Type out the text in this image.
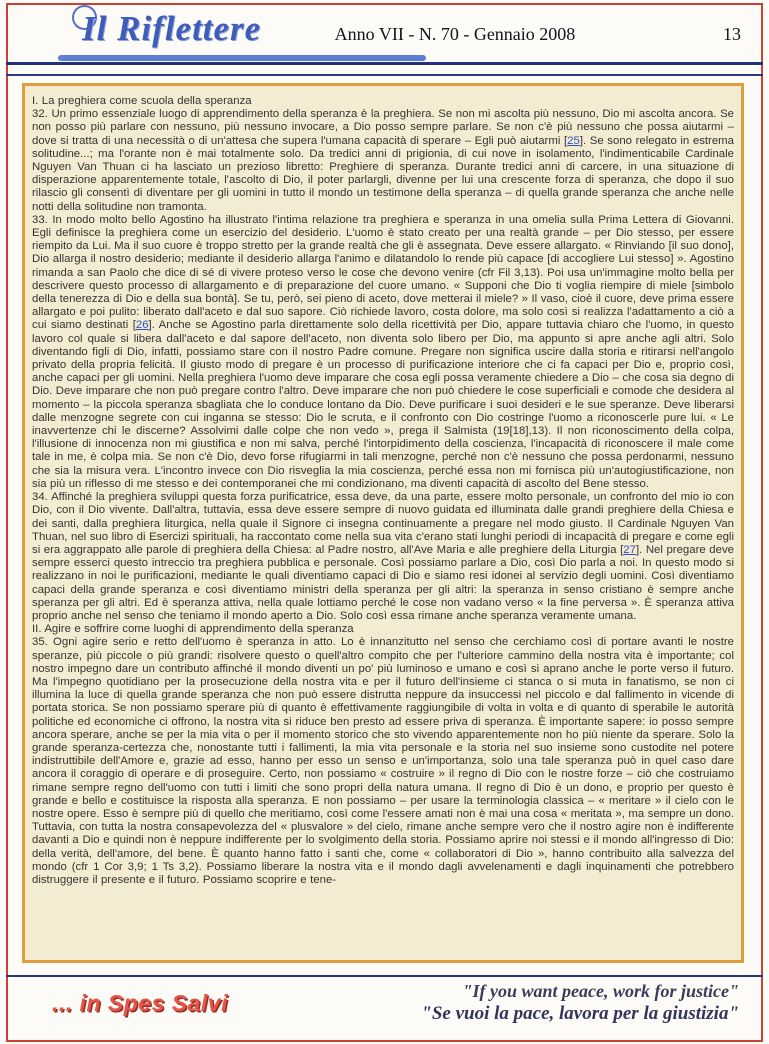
Il Riflettere	Anno VII - N. 70 - Gennaio 2008	13

I. La preghiera come scuola della speranza

32. Un primo essenziale luogo di apprendimento della speranza è la preghiera. Se non mi ascolta più nessuno, Dio mi ascolta ancora. Se non posso più parlare con nessuno, più nessuno invocare, a Dio posso sempre parlare. Se non c'è più nessuno che possa aiutarmi – dove si tratta di una necessità o di un'attesa che supera l'umana capacità di sperare – Egli può aiutarmi [25]. Se sono relegato in estrema solitudine...; ma l'orante non è mai totalmente solo. Da tredici anni di prigionia, di cui nove in isolamento, l'indimenticabile Cardinale Nguyen Van Thuan ci ha lasciato un prezioso libretto: Preghiere di speranza. Durante tredici anni di carcere, in una situazione di disperazione apparentemente totale, l'ascolto di Dio, il poter parlargli, divenne per lui una crescente forza di speranza, che dopo il suo rilascio gli consentì di diventare per gli uomini in tutto il mondo un testimone della speranza – di quella grande speranza che anche nelle notti della solitudine non tramonta.

33. In modo molto bello Agostino ha illustrato l'intima relazione tra preghiera e speranza in una omelia sulla Prima Lettera di Giovanni. Egli definisce la preghiera come un esercizio del desiderio. L'uomo è stato creato per una realtà grande – per Dio stesso, per essere riempito da Lui. Ma il suo cuore è troppo stretto per la grande realtà che gli è assegnata. Deve essere allargato. « Rinviando [il suo dono], Dio allarga il nostro desiderio; mediante il desiderio allarga l'animo e dilatandolo lo rende più capace [di accogliere Lui stesso] ». Agostino rimanda a san Paolo che dice di sé di vivere proteso verso le cose che devono venire (cfr Fil 3,13). Poi usa un'immagine molto bella per descrivere questo processo di allargamento e di preparazione del cuore umano. « Supponi che Dio ti voglia riempire di miele [simbolo della tenerezza di Dio e della sua bontà]. Se tu, però, sei pieno di aceto, dove metterai il miele? » Il vaso, cioè il cuore, deve prima essere allargato e poi pulito: liberato dall'aceto e dal suo sapore. Ciò richiede lavoro, costa dolore, ma solo così si realizza l'adattamento a ciò a cui siamo destinati [26]. Anche se Agostino parla direttamente solo della ricettività per Dio, appare tuttavia chiaro che l'uomo, in questo lavoro col quale si libera dall'aceto e dal sapore dell'aceto, non diventa solo libero per Dio, ma appunto si apre anche agli altri. Solo diventando figli di Dio, infatti, possiamo stare con il nostro Padre comune. Pregare non significa uscire dalla storia e ritirarsi nell'angolo privato della propria felicità. Il giusto modo di pregare è un processo di purificazione interiore che ci fa capaci per Dio e, proprio così, anche capaci per gli uomini. Nella preghiera l'uomo deve imparare che cosa egli possa veramente chiedere a Dio – che cosa sia degno di Dio. Deve imparare che non può pregare contro l'altro. Deve imparare che non può chiedere le cose superficiali e comode che desidera al momento – la piccola speranza sbagliata che lo conduce lontano da Dio. Deve purificare i suoi desideri e le sue speranze. Deve liberarsi dalle menzogne segrete con cui inganna se stesso: Dio le scruta, e il confronto con Dio costringe l'uomo a riconoscerle pure lui. « Le inavvertenze chi le discerne? Assolvimi dalle colpe che non vedo », prega il Salmista (19[18],13). Il non riconoscimento della colpa, l'illusione di innocenza non mi giustifica e non mi salva, perché l'intorpidimento della coscienza, l'incapacità di riconoscere il male come tale in me, è colpa mia. Se non c'è Dio, devo forse rifugiarmi in tali menzogne, perché non c'è nessuno che possa perdonarmi, nessuno che sia la misura vera. L'incontro invece con Dio risveglia la mia coscienza, perché essa non mi fornisca più un'autogiustificazione, non sia più un riflesso di me stesso e dei contemporanei che mi condizionano, ma diventi capacità di ascolto del Bene stesso.

34. Affinché la preghiera sviluppi questa forza purificatrice, essa deve, da una parte, essere molto personale, un confronto del mio io con Dio, con il Dio vivente. Dall'altra, tuttavia, essa deve essere sempre di nuovo guidata ed illuminata dalle grandi preghiere della Chiesa e dei santi, dalla preghiera liturgica, nella quale il Signore ci insegna continuamente a pregare nel modo giusto. Il Cardinale Nguyen Van Thuan, nel suo libro di Esercizi spirituali, ha raccontato come nella sua vita c'erano stati lunghi periodi di incapacità di pregare e come egli si era aggrappato alle parole di preghiera della Chiesa: al Padre nostro, all'Ave Maria e alle preghiere della Liturgia [27]. Nel pregare deve sempre esserci questo intreccio tra preghiera pubblica e personale. Così possiamo parlare a Dio, così Dio parla a noi. In questo modo si realizzano in noi le purificazioni, mediante le quali diventiamo capaci di Dio e siamo resi idonei al servizio degli uomini. Così diventiamo capaci della grande speranza e così diventiamo ministri della speranza per gli altri: la speranza in senso cristiano è sempre anche speranza per gli altri. Ed è speranza attiva, nella quale lottiamo perché le cose non vadano verso « la fine perversa ». È speranza attiva proprio anche nel senso che teniamo il mondo aperto a Dio. Solo così essa rimane anche speranza veramente umana.

II. Agire e soffrire come luoghi di apprendimento della speranza

35. Ogni agire serio e retto dell'uomo è speranza in atto. Lo è innanzitutto nel senso che cerchiamo così di portare avanti le nostre speranze, più piccole o più grandi: risolvere questo o quell'altro compito che per l'ulteriore cammino della nostra vita è importante; col nostro impegno dare un contributo affinché il mondo diventi un po' più luminoso e umano e così si aprano anche le porte verso il futuro. Ma l'impegno quotidiano per la prosecuzione della nostra vita e per il futuro dell'insieme ci stanca o si muta in fanatismo, se non ci illumina la luce di quella grande speranza che non può essere distrutta neppure da insuccessi nel piccolo e dal fallimento in vicende di portata storica. Se non possiamo sperare più di quanto è effettivamente raggiungibile di volta in volta e di quanto di sperabile le autorità politiche ed economiche ci offrono, la nostra vita si riduce ben presto ad essere priva di speranza. È importante sapere: io posso sempre ancora sperare, anche se per la mia vita o per il momento storico che sto vivendo apparentemente non ho più niente da sperare. Solo la grande speranza-certezza che, nonostante tutti i fallimenti, la mia vita personale e la storia nel suo insieme sono custodite nel potere indistruttibile dell'Amore e, grazie ad esso, hanno per esso un senso e un'importanza, solo una tale speranza può in quel caso dare ancora il coraggio di operare e di proseguire. Certo, non possiamo « costruire » il regno di Dio con le nostre forze – ciò che costruiamo rimane sempre regno dell'uomo con tutti i limiti che sono propri della natura umana. Il regno di Dio è un dono, e proprio per questo è grande e bello e costituisce la risposta alla speranza. E non possiamo – per usare la terminologia classica – « meritare » il cielo con le nostre opere. Esso è sempre più di quello che meritiamo, così come l'essere amati non è mai una cosa « meritata », ma sempre un dono. Tuttavia, con tutta la nostra consapevolezza del « plusvalore » del cielo, rimane anche sempre vero che il nostro agire non è indifferente davanti a Dio e quindi non è neppure indifferente per lo svolgimento della storia. Possiamo aprire noi stessi e il mondo all'ingresso di Dio: della verità, dell'amore, del bene. È quanto hanno fatto i santi che, come « collaboratori di Dio », hanno contribuito alla salvezza del mondo (cfr 1 Cor 3,9; 1 Ts 3,2). Possiamo liberare la nostra vita e il mondo dagli avvelenamenti e dagli inquinamenti che potrebbero distruggere il presente e il futuro. Possiamo scoprire e tene-

... in Spes Salvi	"If you want peace, work for justice"
"Se vuoi la pace, lavora per la giustizia"
